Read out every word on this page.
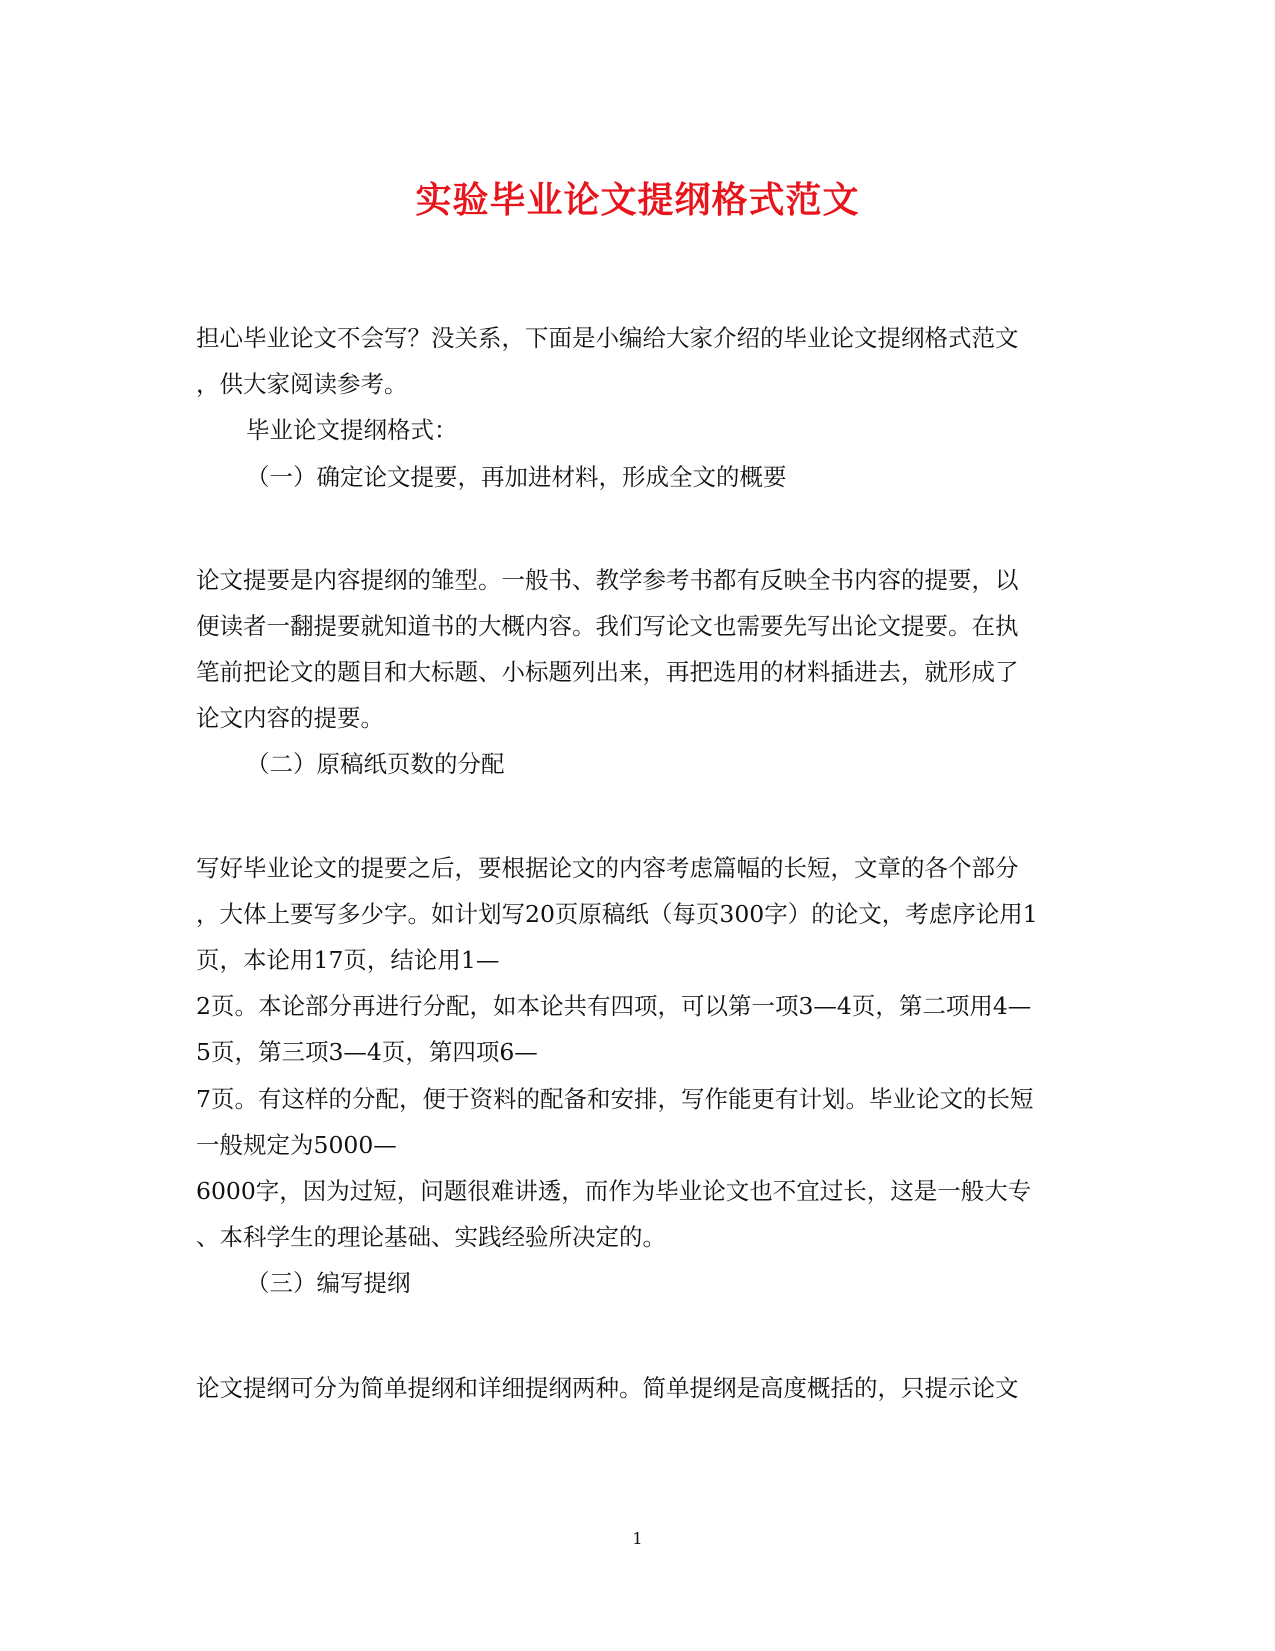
实验毕业论文提纲格式范文
担心毕业论文不会写？没关系，下面是小编给大家介绍的毕业论文提纲格式范文
，供大家阅读参考。
毕业论文提纲格式：
（一）确定论文提要，再加进材料，形成全文的概要
论文提要是内容提纲的雏型。一般书、教学参考书都有反映全书内容的提要，以
便读者一翻提要就知道书的大概内容。我们写论文也需要先写出论文提要。在执
笔前把论文的题目和大标题、小标题列出来，再把选用的材料插进去，就形成了
论文内容的提要。
（二）原稿纸页数的分配
写好毕业论文的提要之后，要根据论文的内容考虑篇幅的长短，文章的各个部分
，大体上要写多少字。如计划写20页原稿纸（每页300字）的论文，考虑序论用1
页，本论用17页，结论用1—
2页。本论部分再进行分配，如本论共有四项，可以第一项3—4页，第二项用4—
5页，第三项3—4页，第四项6—
7页。有这样的分配，便于资料的配备和安排，写作能更有计划。毕业论文的长短
一般规定为5000—
6000字，因为过短，问题很难讲透，而作为毕业论文也不宜过长，这是一般大专
、本科学生的理论基础、实践经验所决定的。
（三）编写提纲
论文提纲可分为简单提纲和详细提纲两种。简单提纲是高度概括的，只提示论文
1
